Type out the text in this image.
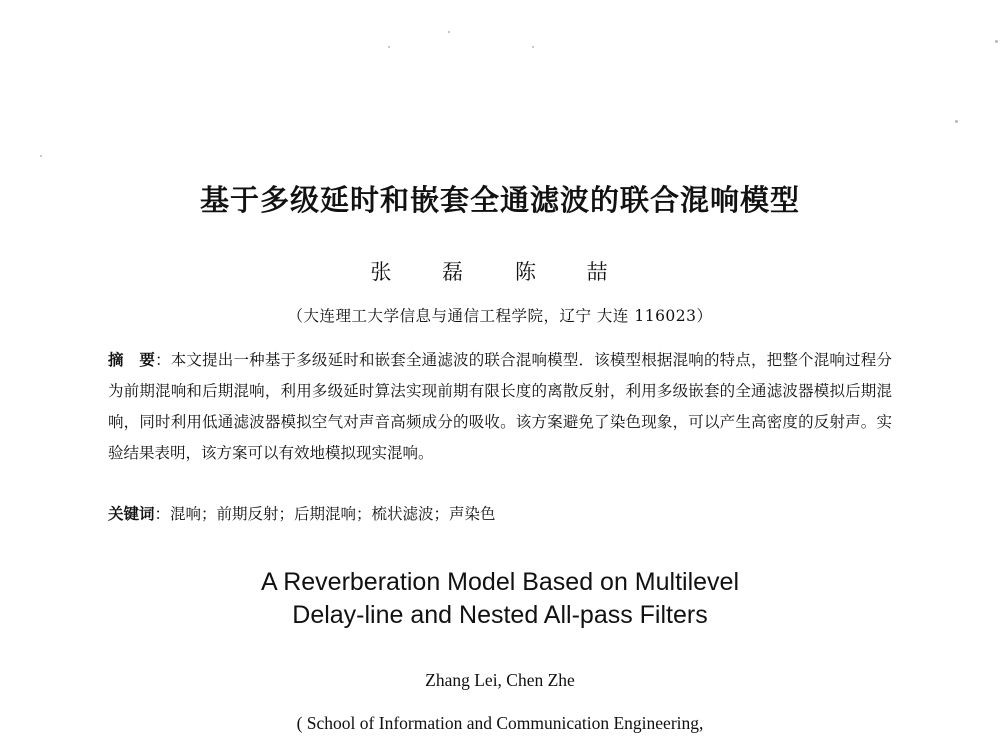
基于多级延时和嵌套全通滤波的联合混响模型
张 磊 陈 喆
（大连理工大学信息与通信工程学院，辽宁 大连 116023）
摘　要：本文提出一种基于多级延时和嵌套全通滤波的联合混响模型．该模型根据混响的特点，把整个混响过程分为前期混响和后期混响，利用多级延时算法实现前期有限长度的离散反射，利用多级嵌套的全通滤波器模拟后期混响，同时利用低通滤波器模拟空气对声音高频成分的吸收。该方案避免了染色现象，可以产生高密度的反射声。实验结果表明，该方案可以有效地模拟现实混响。
关键词：混响；前期反射；后期混响；梳状滤波；声染色
A Reverberation Model Based on Multilevel
Delay-line and Nested All-pass Filters
Zhang Lei, Chen Zhe
( School of Information and Communication Engineering,
